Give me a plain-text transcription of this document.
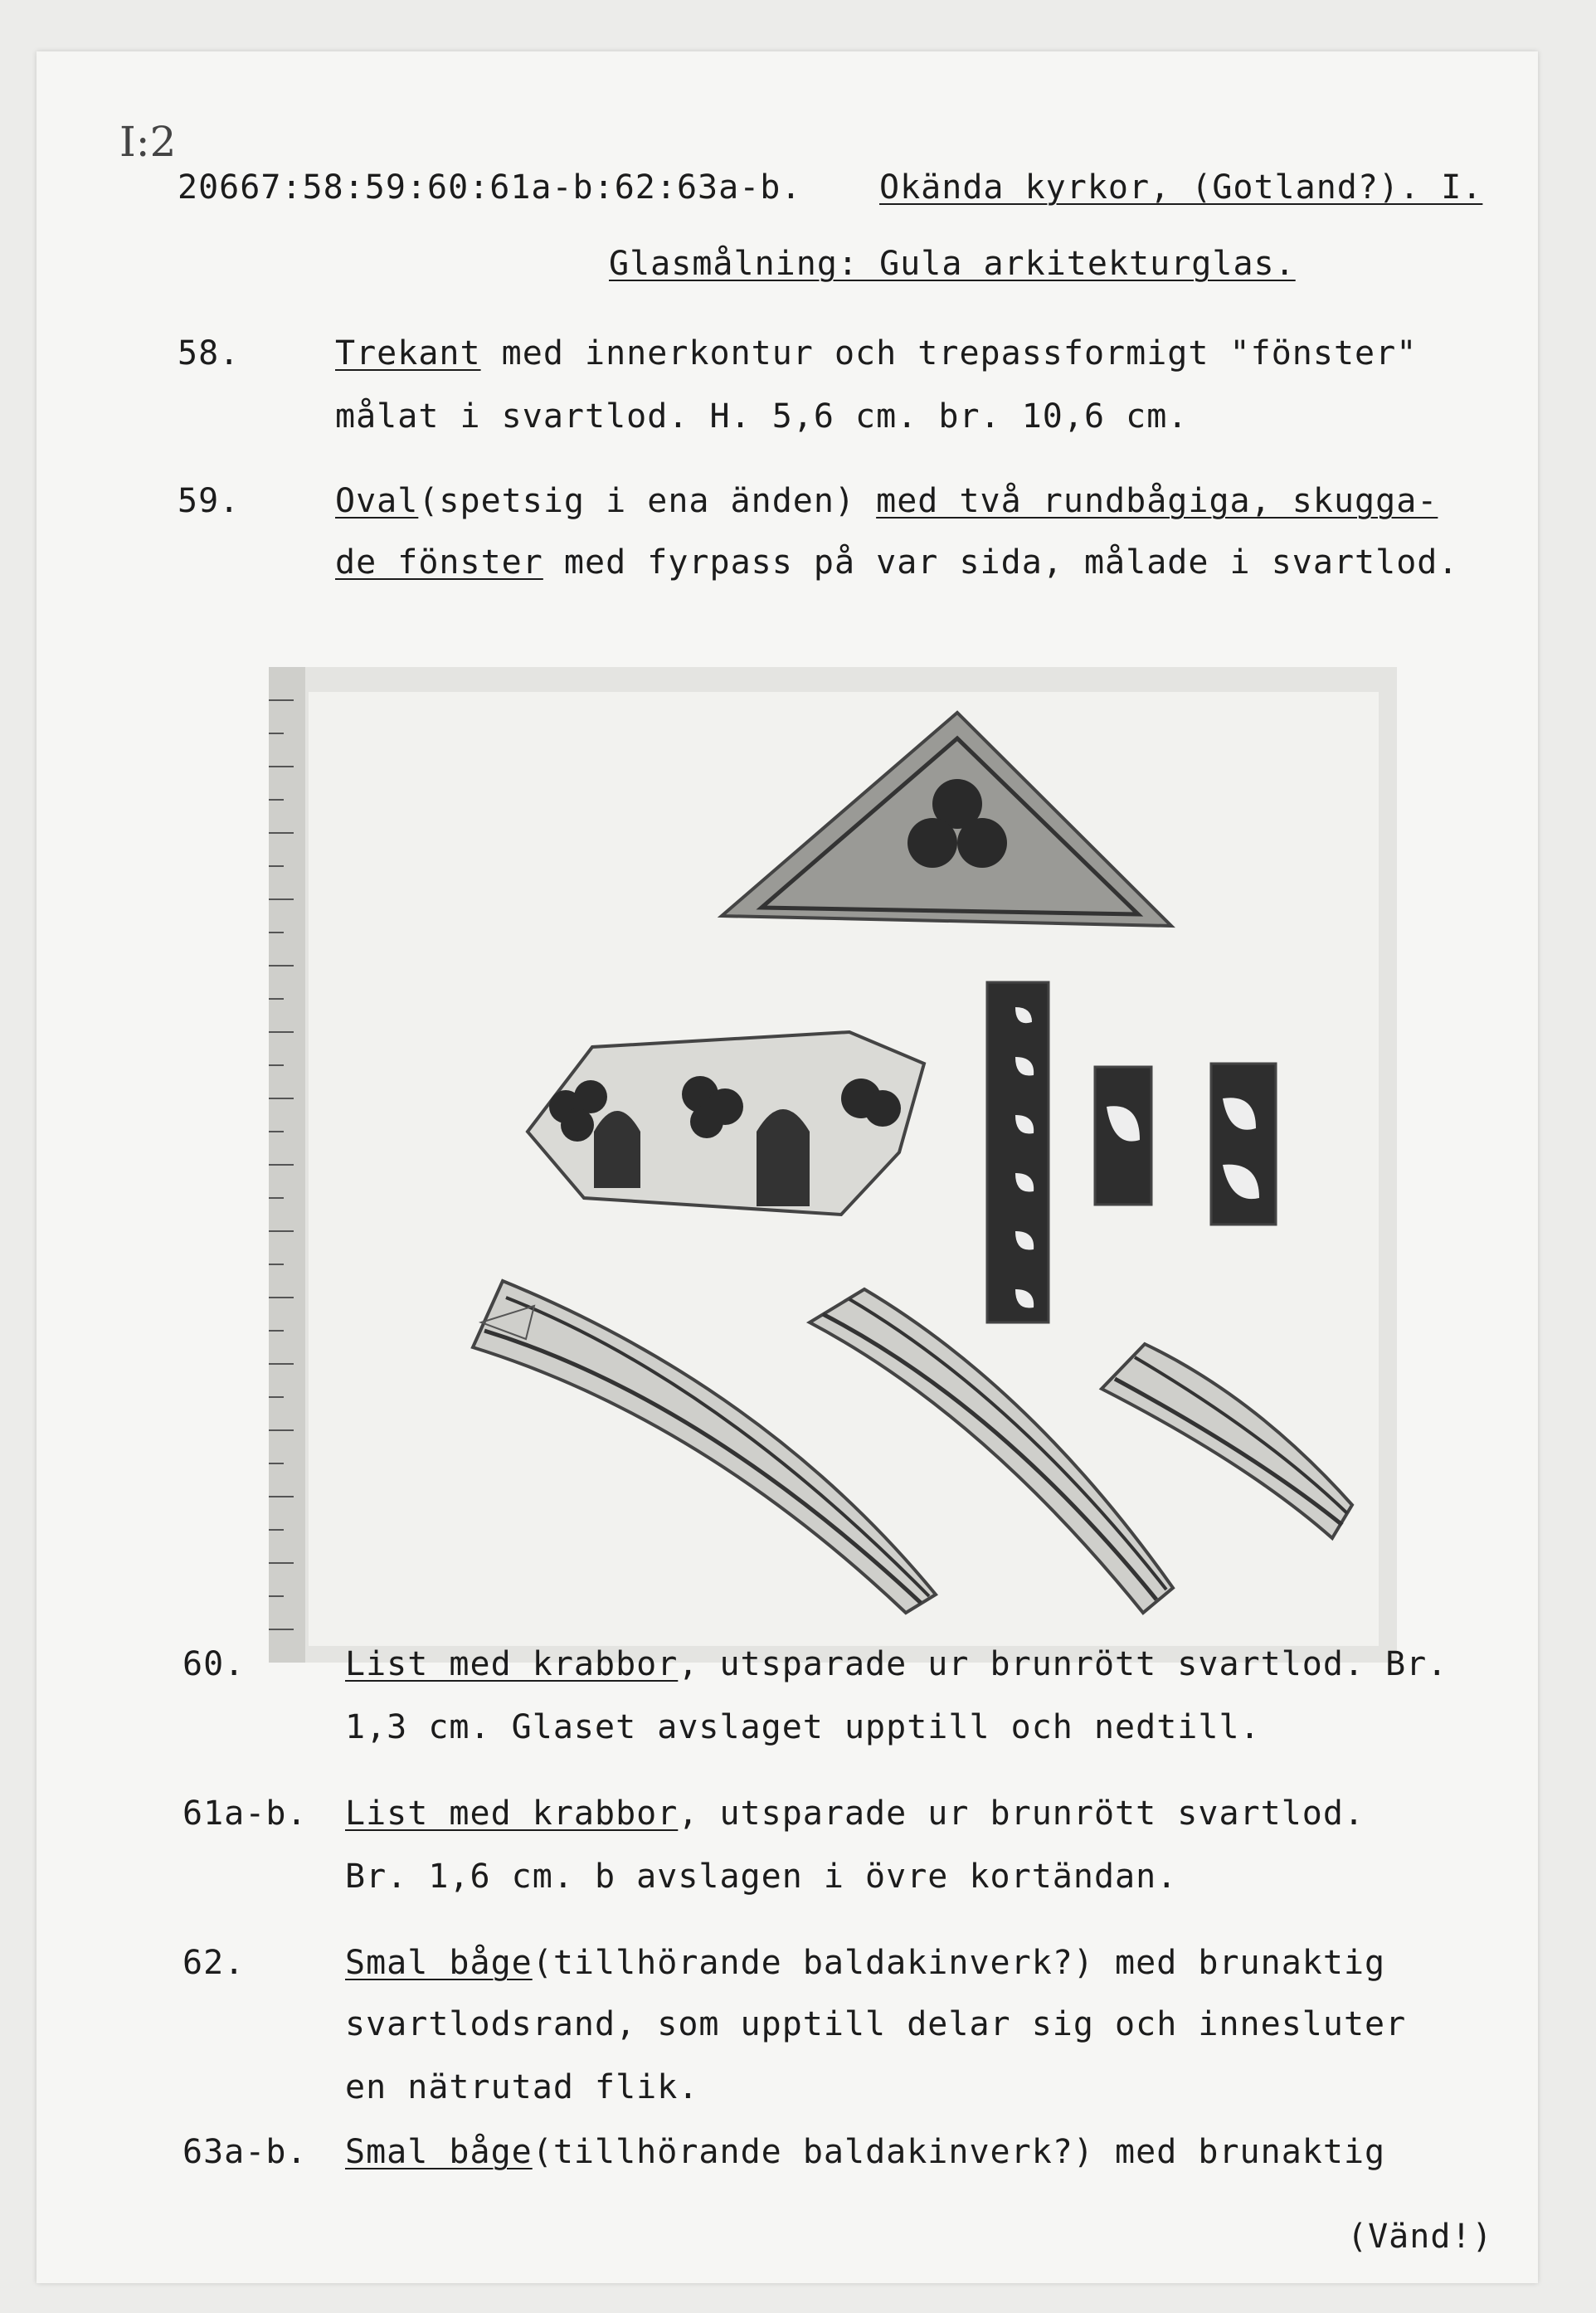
I:2
20667:58:59:60:61a-b:62:63a-b. Okända kyrkor, (Gotland?). I.
Glasmålning: Gula arkitekturglas.
58.	Trekant med innerkontur och trepassformigt "fönster"
målat i svartlod. H. 5,6 cm. br. 10,6 cm.
59.	Oval(spetsig i ena änden) med två rundbågiga, skugga-
de fönster med fyrpass på var sida, målade i svartlod.
60.	List med krabbor, utsparade ur brunrött svartlod. Br.
1,3 cm. Glaset avslaget upptill och nedtill.
61a-b. List med krabbor, utsparade ur brunrött svartlod.
Br. 1,6 cm. b avslagen i övre kortändan.
62.	Smal båge(tillhörande baldakinverk?) med brunaktig
svartlodsrand, som upptill delar sig och innesluter
en nätrutad flik.
63a-b. Smal båge(tillhörande baldakinverk?) med brunaktig
(Vänd!)
